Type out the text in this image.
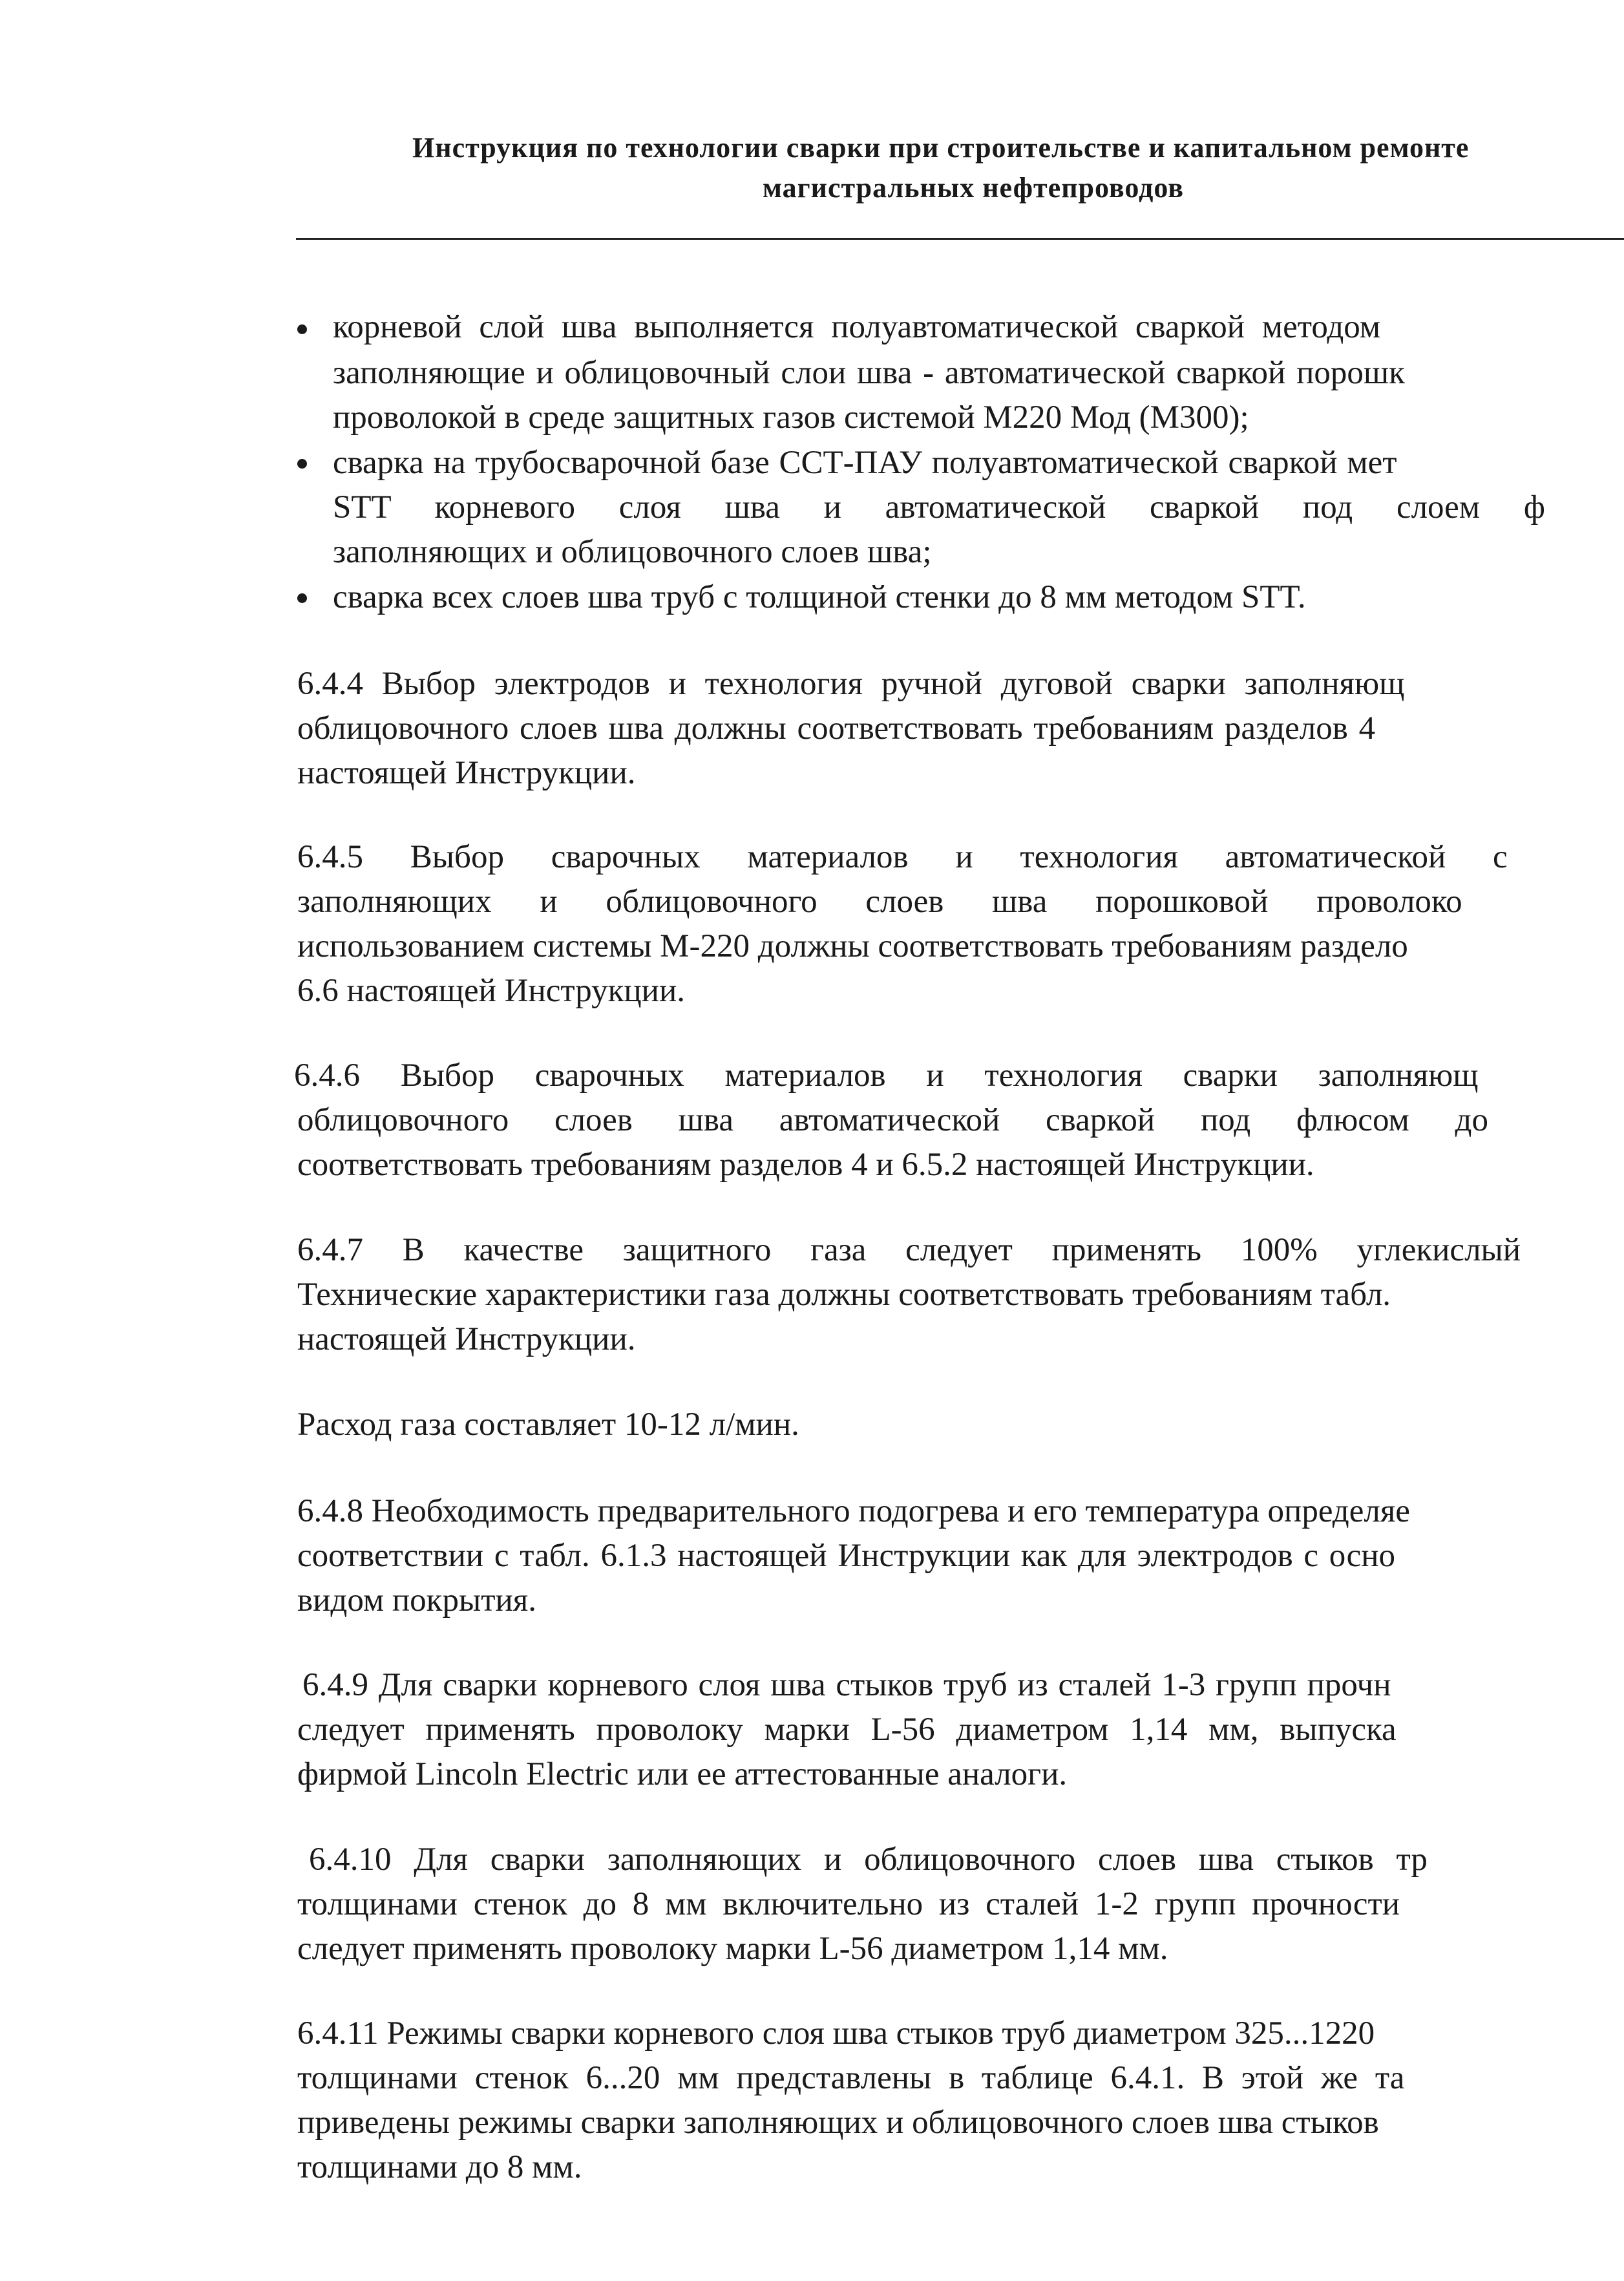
Инструкция по технологии сварки при строительстве и капитальном ремонте
магистральных нефтепроводов
корневой слой шва выполняется полуавтоматической сваркой методом
заполняющие и облицовочный слои шва - автоматической сваркой порошк
проволокой в среде защитных газов системой М220 Мод (М300);
сварка на трубосварочной базе ССТ-ПАУ полуавтоматической сваркой мет
STT корневого слоя шва и автоматической сваркой под слоем ф
заполняющих и облицовочного слоев шва;
сварка всех слоев шва труб с толщиной стенки до 8 мм методом STT.
6.4.4 Выбор электродов и технология ручной дуговой сварки заполняющ
облицовочного слоев шва должны соответствовать требованиям разделов 4
настоящей Инструкции.
6.4.5 Выбор сварочных материалов и технология автоматической с
заполняющих и облицовочного слоев шва порошковой проволоко
использованием системы М-220 должны соответствовать требованиям раздело
6.6 настоящей Инструкции.
6.4.6 Выбор сварочных материалов и технология сварки заполняющ
облицовочного слоев шва автоматической сваркой под флюсом до
соответствовать требованиям разделов 4 и 6.5.2 настоящей Инструкции.
6.4.7 В качестве защитного газа следует применять 100% углекислый
Технические характеристики газа должны соответствовать требованиям табл.
настоящей Инструкции.
Расход газа составляет 10-12 л/мин.
6.4.8 Необходимость предварительного подогрева и его температура определяе
соответствии с табл. 6.1.3 настоящей Инструкции как для электродов с осно
видом покрытия.
6.4.9 Для сварки корневого слоя шва стыков труб из сталей 1-3 групп прочн
следует применять проволоку марки L-56 диаметром 1,14 мм, выпуска
фирмой Lincoln Electric или ее аттестованные аналоги.
6.4.10 Для сварки заполняющих и облицовочного слоев шва стыков тр
толщинами стенок до 8 мм включительно из сталей 1-2 групп прочности
следует применять проволоку марки L-56 диаметром 1,14 мм.
6.4.11 Режимы сварки корневого слоя шва стыков труб диаметром 325...1220
толщинами стенок 6...20 мм представлены в таблице 6.4.1. В этой же та
приведены режимы сварки заполняющих и облицовочного слоев шва стыков
толщинами до 8 мм.
